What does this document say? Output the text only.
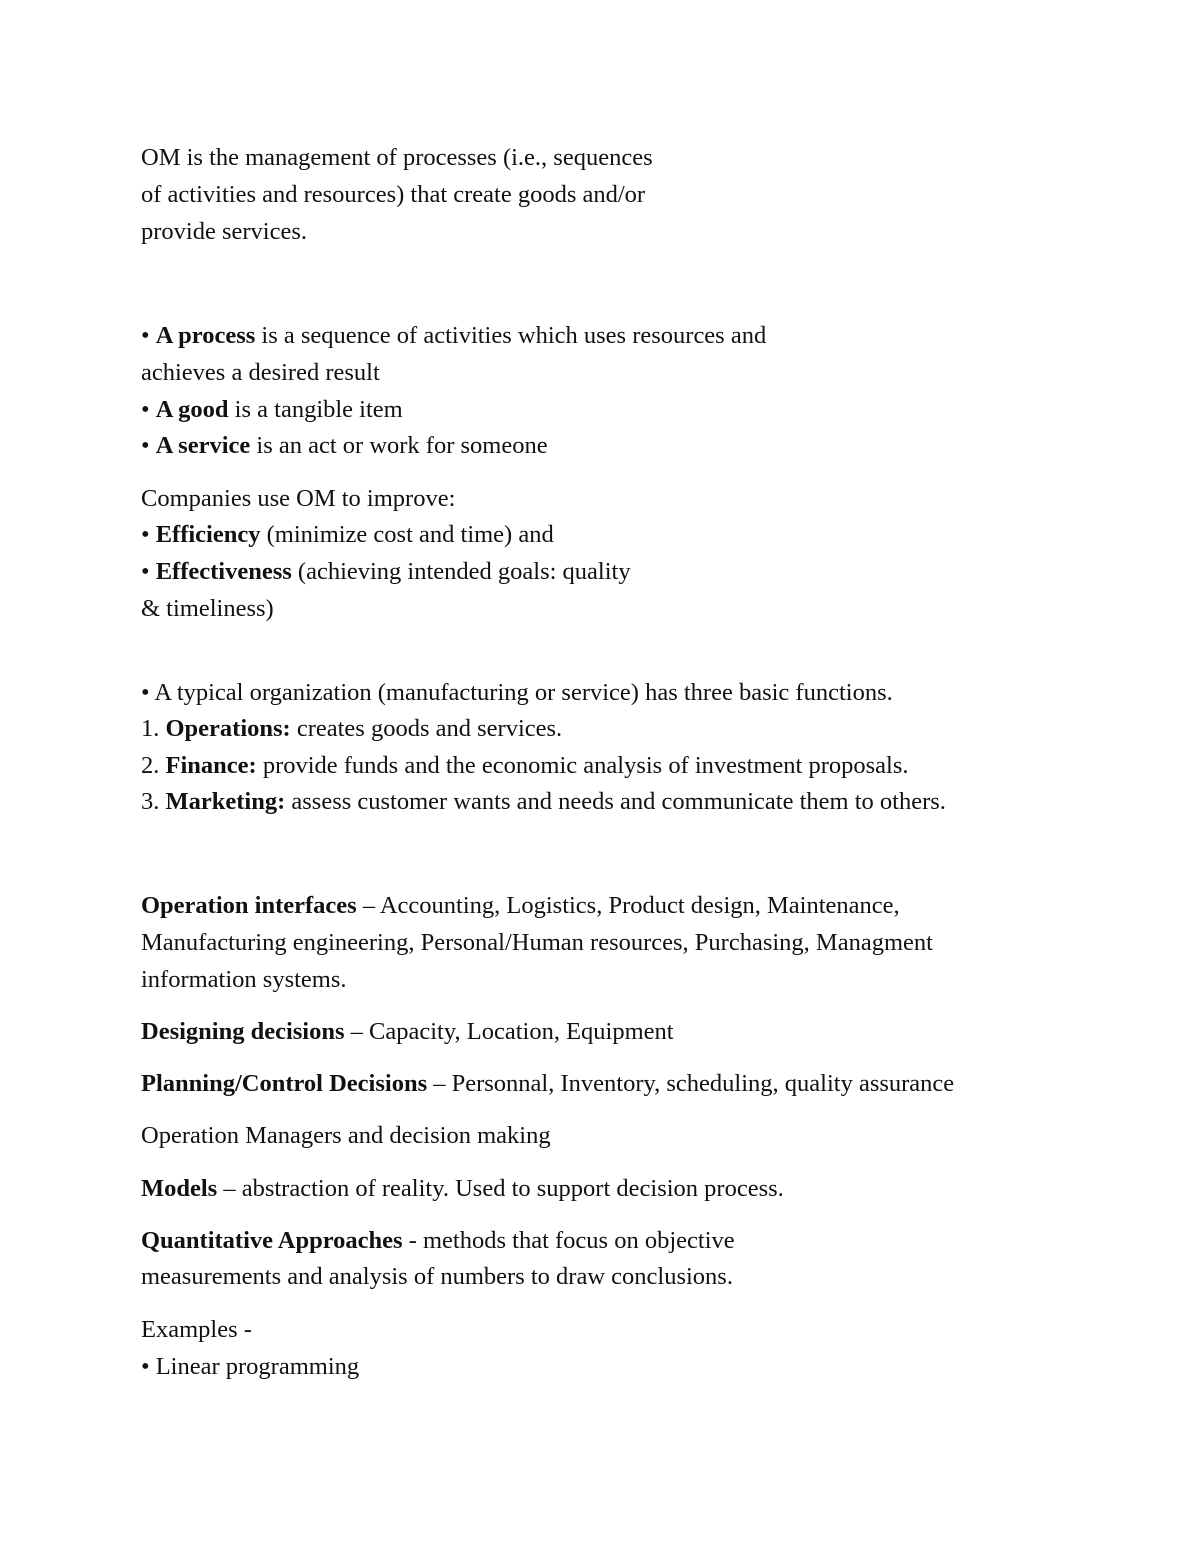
OM is the management of processes (i.e., sequences
of activities and resources) that create goods and/or
provide services.
• A process is a sequence of activities which uses resources and
achieves a desired result
• A good is a tangible item
• A service is an act or work for someone
Companies use OM to improve:
• Efficiency (minimize cost and time) and
• Effectiveness (achieving intended goals: quality
& timeliness)
• A typical organization (manufacturing or service) has three basic functions.
1. Operations: creates goods and services.
2. Finance: provide funds and the economic analysis of investment proposals.
3. Marketing: assess customer wants and needs and communicate them to others.
Operation interfaces – Accounting, Logistics, Product design, Maintenance,
Manufacturing engineering, Personal/Human resources, Purchasing, Managment
information systems.
Designing decisions – Capacity, Location, Equipment
Planning/Control Decisions – Personnal, Inventory, scheduling, quality assurance
Operation Managers and decision making
Models – abstraction of reality. Used to support decision process.
Quantitative Approaches - methods that focus on objective
measurements and analysis of numbers to draw conclusions.
Examples -
• Linear programming
